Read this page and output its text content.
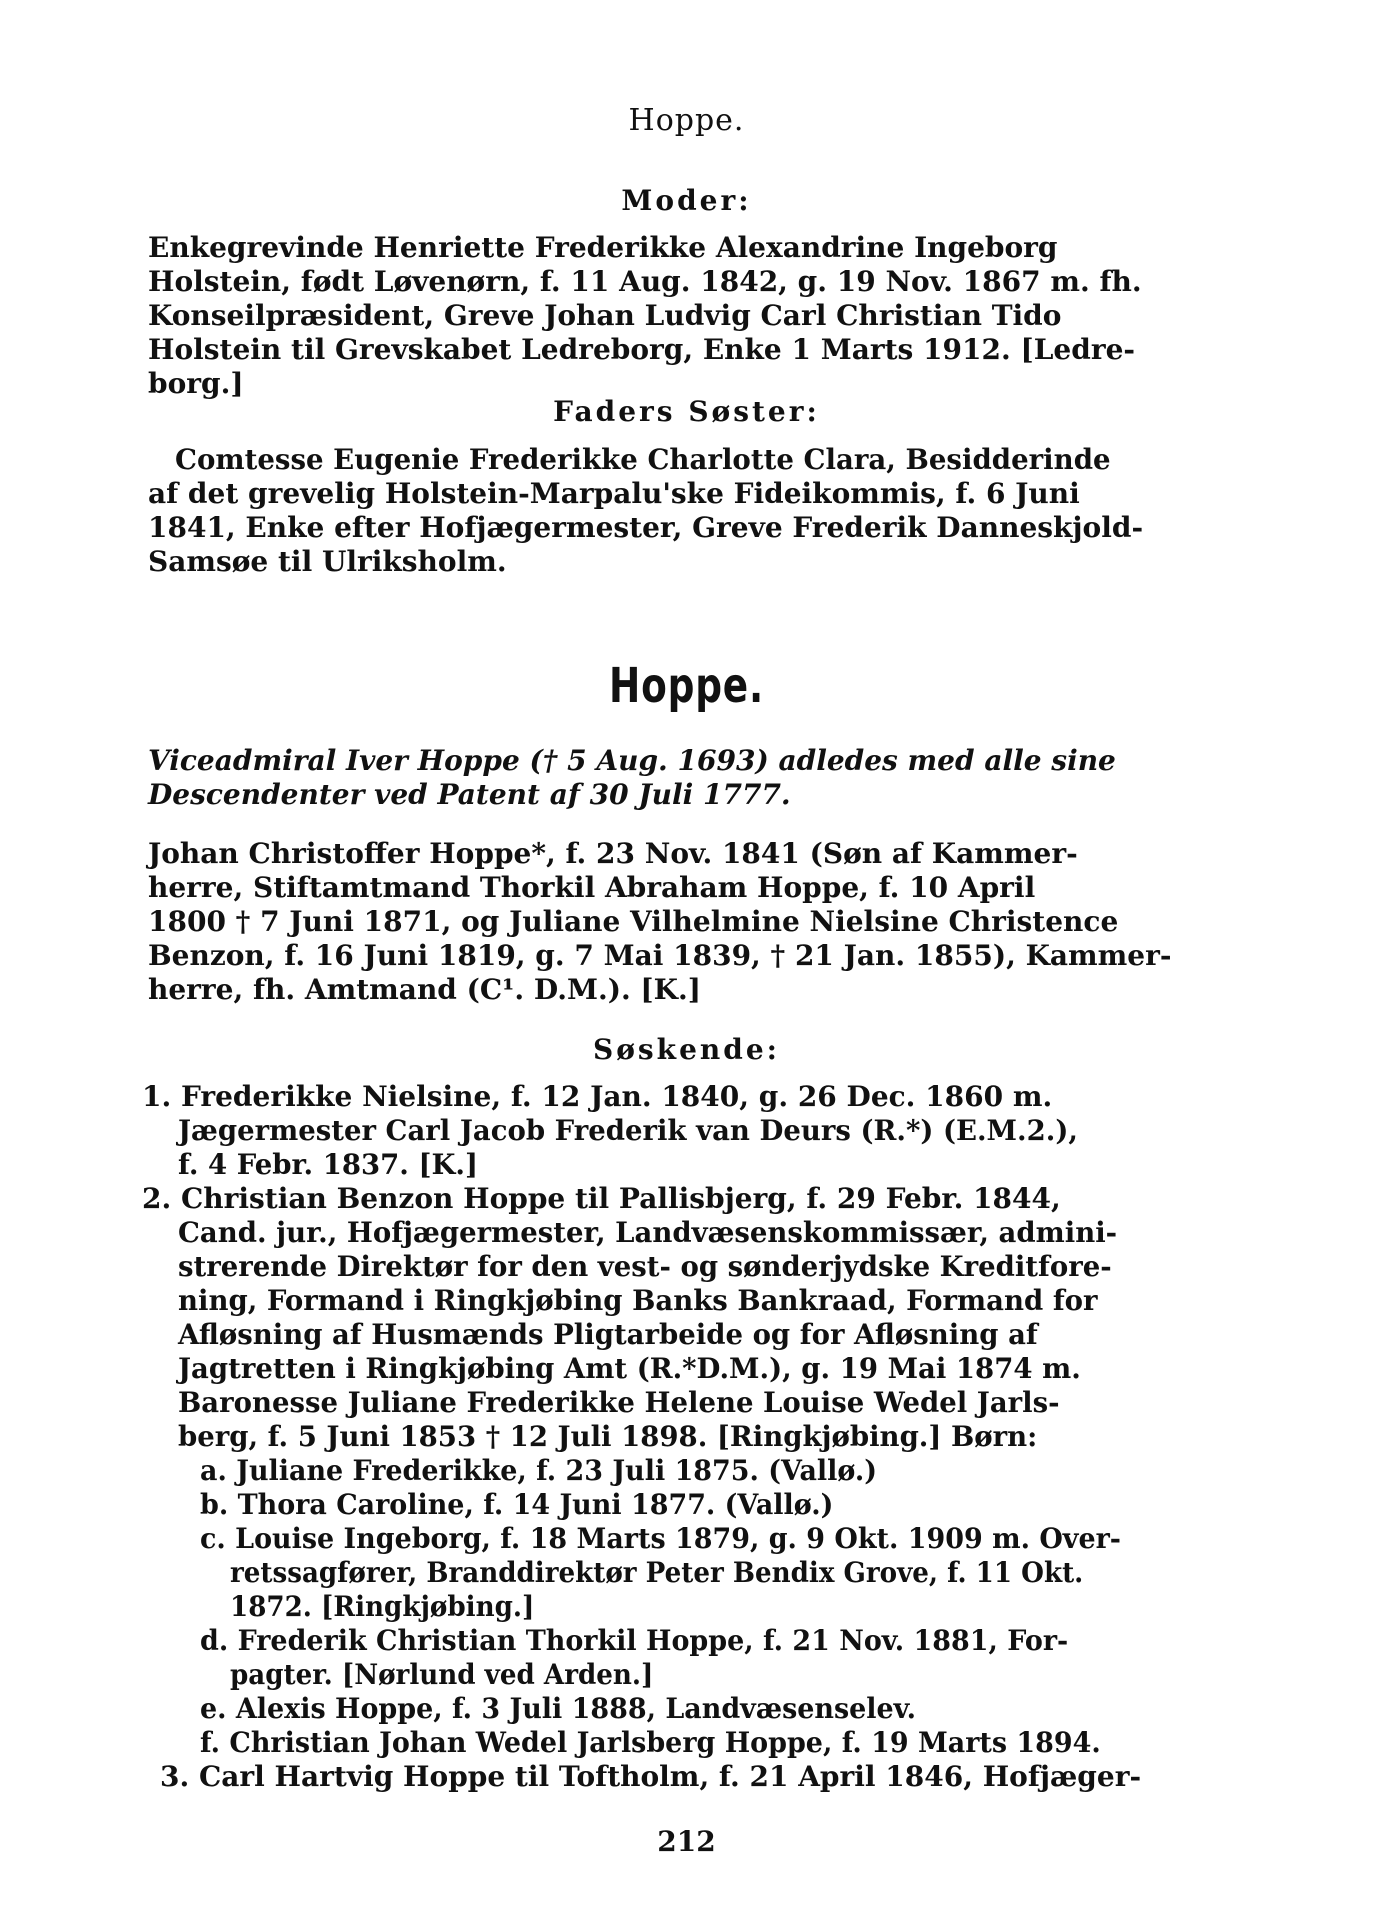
Hoppe.
Moder:
Enkegrevinde Henriette Frederikke Alexandrine Ingeborg
Holstein, født Løvenørn, f. 11 Aug. 1842, g. 19 Nov. 1867 m. fh.
Konseilpræsident, Greve Johan Ludvig Carl Christian Tido
Holstein til Grevskabet Ledreborg, Enke 1 Marts 1912. [Ledre-
borg.]
Faders Søster:
Comtesse Eugenie Frederikke Charlotte Clara, Besidderinde
af det grevelig Holstein-Marpalu'ske Fideikommis, f. 6 Juni
1841, Enke efter Hofjægermester, Greve Frederik Danneskjold-
Samsøe til Ulriksholm.
Hoppe.
Viceadmiral Iver Hoppe († 5 Aug. 1693) adledes med alle sine
Descendenter ved Patent af 30 Juli 1777.
Johan Christoffer Hoppe*, f. 23 Nov. 1841 (Søn af Kammer-
herre, Stiftamtmand Thorkil Abraham Hoppe, f. 10 April
1800 † 7 Juni 1871, og Juliane Vilhelmine Nielsine Christence
Benzon, f. 16 Juni 1819, g. 7 Mai 1839, † 21 Jan. 1855), Kammer-
herre, fh. Amtmand (C¹. D.M.). [K.]
Søskende:
1. Frederikke Nielsine, f. 12 Jan. 1840, g. 26 Dec. 1860 m.
Jægermester Carl Jacob Frederik van Deurs (R.*) (E.M.2.),
f. 4 Febr. 1837. [K.]
2. Christian Benzon Hoppe til Pallisbjerg, f. 29 Febr. 1844,
Cand. jur., Hofjægermester, Landvæsenskommissær, admini-
strerende Direktør for den vest- og sønderjydske Kreditfore-
ning, Formand i Ringkjøbing Banks Bankraad, Formand for
Afløsning af Husmænds Pligtarbeide og for Afløsning af
Jagtretten i Ringkjøbing Amt (R.*D.M.), g. 19 Mai 1874 m.
Baronesse Juliane Frederikke Helene Louise Wedel Jarls-
berg, f. 5 Juni 1853 † 12 Juli 1898. [Ringkjøbing.] Børn:
a. Juliane Frederikke, f. 23 Juli 1875. (Vallø.)
b. Thora Caroline, f. 14 Juni 1877. (Vallø.)
c. Louise Ingeborg, f. 18 Marts 1879, g. 9 Okt. 1909 m. Over-
retssagfører, Branddirektør Peter Bendix Grove, f. 11 Okt.
1872. [Ringkjøbing.]
d. Frederik Christian Thorkil Hoppe, f. 21 Nov. 1881, For-
pagter. [Nørlund ved Arden.]
e. Alexis Hoppe, f. 3 Juli 1888, Landvæsenselev.
f. Christian Johan Wedel Jarlsberg Hoppe, f. 19 Marts 1894.
3. Carl Hartvig Hoppe til Toftholm, f. 21 April 1846, Hofjæger-
212
